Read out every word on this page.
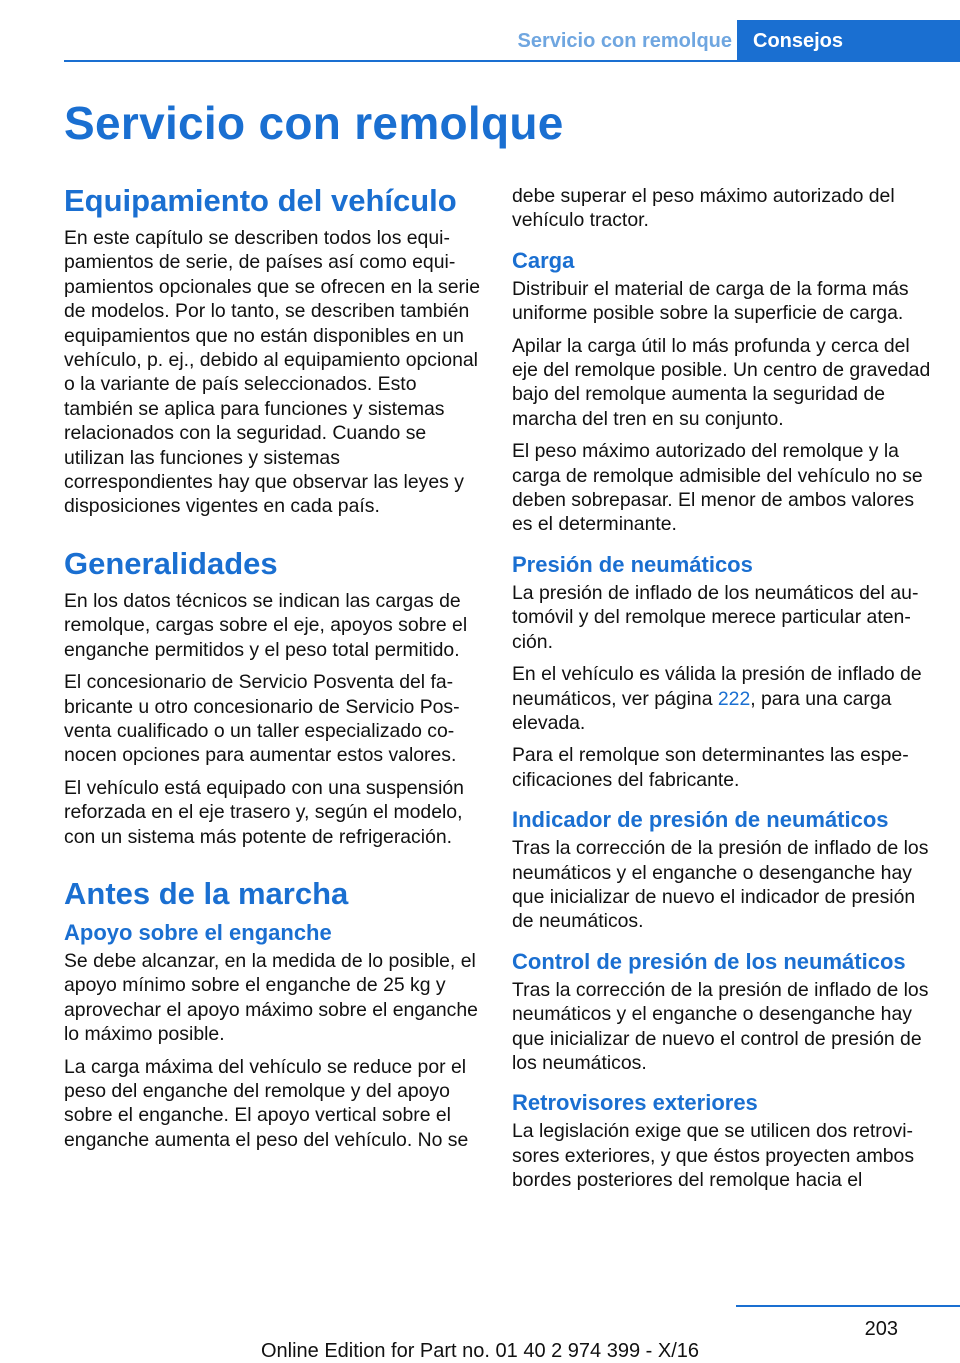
Servicio con remolque	Consejos
Servicio con remolque
Equipamiento del vehículo

En este capítulo se describen todos los equipamientos de serie, de países así como equipamientos opcionales que se ofrecen en la serie de modelos. Por lo tanto, se describen también equipamientos que no están disponibles en un vehículo, p. ej., debido al equipamiento opcional o la variante de país seleccionados. Esto también se aplica para funciones y sistemas relacionados con la seguridad. Cuando se utilizan las funciones y sistemas correspondientes hay que observar las leyes y disposiciones vigentes en cada país.

Generalidades

En los datos técnicos se indican las cargas de remolque, cargas sobre el eje, apoyos sobre el enganche permitidos y el peso total permitido.

El concesionario de Servicio Posventa del fabricante u otro concesionario de Servicio Posventa cualificado o un taller especializado conocen opciones para aumentar estos valores.

El vehículo está equipado con una suspensión reforzada en el eje trasero y, según el modelo, con un sistema más potente de refrigeración.

Antes de la marcha
Apoyo sobre el enganche

Se debe alcanzar, en la medida de lo posible, el apoyo mínimo sobre el enganche de 25 kg y aprovechar el apoyo máximo sobre el enganche lo máximo posible.

La carga máxima del vehículo se reduce por el peso del enganche del remolque y del apoyo sobre el enganche. El apoyo vertical sobre el enganche aumenta el peso del vehículo. No se

debe superar el peso máximo autorizado del vehículo tractor.

Carga

Distribuir el material de carga de la forma más uniforme posible sobre la superficie de carga.

Apilar la carga útil lo más profunda y cerca del eje del remolque posible. Un centro de gravedad bajo del remolque aumenta la seguridad de marcha del tren en su conjunto.

El peso máximo autorizado del remolque y la carga de remolque admisible del vehículo no se deben sobrepasar. El menor de ambos valores es el determinante.

Presión de neumáticos

La presión de inflado de los neumáticos del automóvil y del remolque merece particular atención.

En el vehículo es válida la presión de inflado de neumáticos, ver página 222, para una carga elevada.

Para el remolque son determinantes las especificaciones del fabricante.

Indicador de presión de neumáticos

Tras la corrección de la presión de inflado de los neumáticos y el enganche o desenganche hay que inicializar de nuevo el indicador de presión de neumáticos.

Control de presión de los neumáticos

Tras la corrección de la presión de inflado de los neumáticos y el enganche o desenganche hay que inicializar de nuevo el control de presión de los neumáticos.

Retrovisores exteriores

La legislación exige que se utilicen dos retrovisores exteriores, y que éstos proyecten ambos bordes posteriores del remolque hacia el

203
Online Edition for Part no. 01 40 2 974 399 - X/16
